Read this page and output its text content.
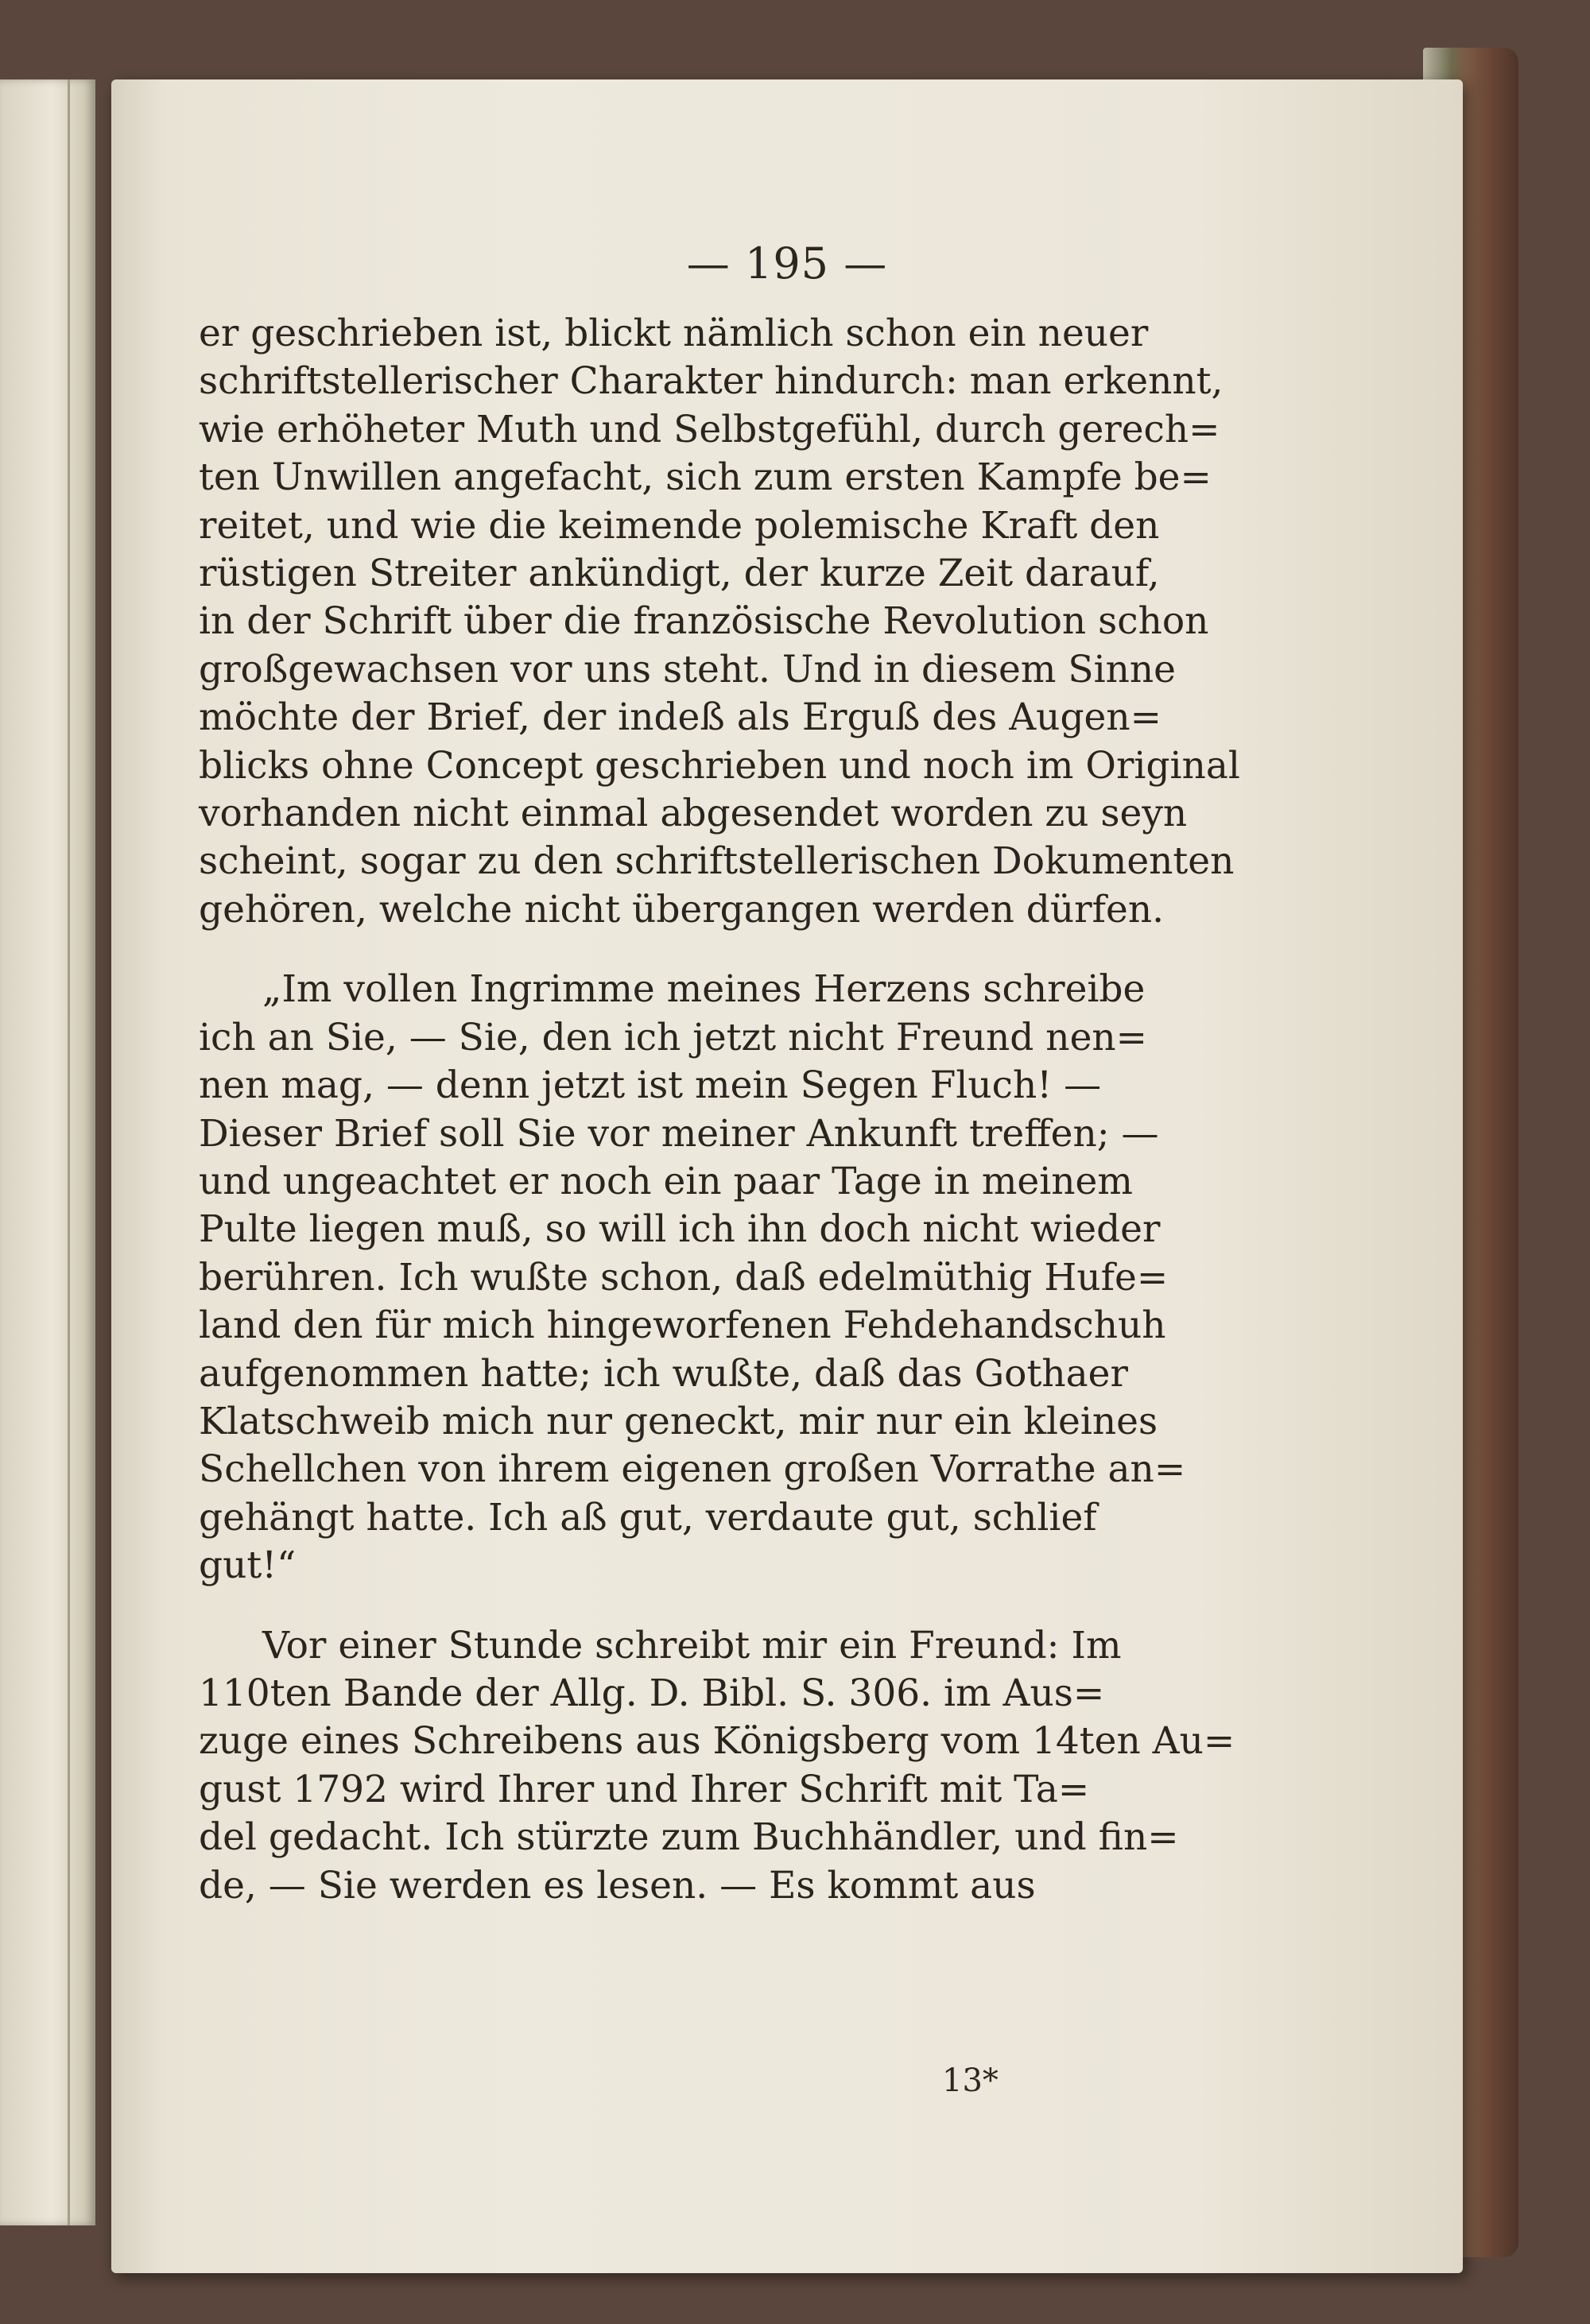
— 195 —
er geschrieben ist, blickt nämlich schon ein neuer
schriftstellerischer Charakter hindurch: man erkennt,
wie erhöheter Muth und Selbstgefühl, durch gerech=
ten Unwillen angefacht, sich zum ersten Kampfe be=
reitet, und wie die keimende polemische Kraft den
rüstigen Streiter ankündigt, der kurze Zeit darauf,
in der Schrift über die französische Revolution schon
großgewachsen vor uns steht. Und in diesem Sinne
möchte der Brief, der indeß als Erguß des Augen=
blicks ohne Concept geschrieben und noch im Original
vorhanden nicht einmal abgesendet worden zu seyn
scheint, sogar zu den schriftstellerischen Dokumenten
gehören, welche nicht übergangen werden dürfen.
„Im vollen Ingrimme meines Herzens schreibe
ich an Sie, — Sie, den ich jetzt nicht Freund nen=
nen mag, — denn jetzt ist mein Segen Fluch! —
Dieser Brief soll Sie vor meiner Ankunft treffen; —
und ungeachtet er noch ein paar Tage in meinem
Pulte liegen muß, so will ich ihn doch nicht wieder
berühren. Ich wußte schon, daß edelmüthig Hufe=
land den für mich hingeworfenen Fehdehandschuh
aufgenommen hatte; ich wußte, daß das Gothaer
Klatschweib mich nur geneckt, mir nur ein kleines
Schellchen von ihrem eigenen großen Vorrathe an=
gehängt hatte. Ich aß gut, verdaute gut, schlief
gut!“
Vor einer Stunde schreibt mir ein Freund: Im
110ten Bande der Allg. D. Bibl. S. 306. im Aus=
zuge eines Schreibens aus Königsberg vom 14ten Au=
gust 1792 wird Ihrer und Ihrer Schrift mit Ta=
del gedacht. Ich stürzte zum Buchhändler, und fin=
de, — Sie werden es lesen. — Es kommt aus
13*
